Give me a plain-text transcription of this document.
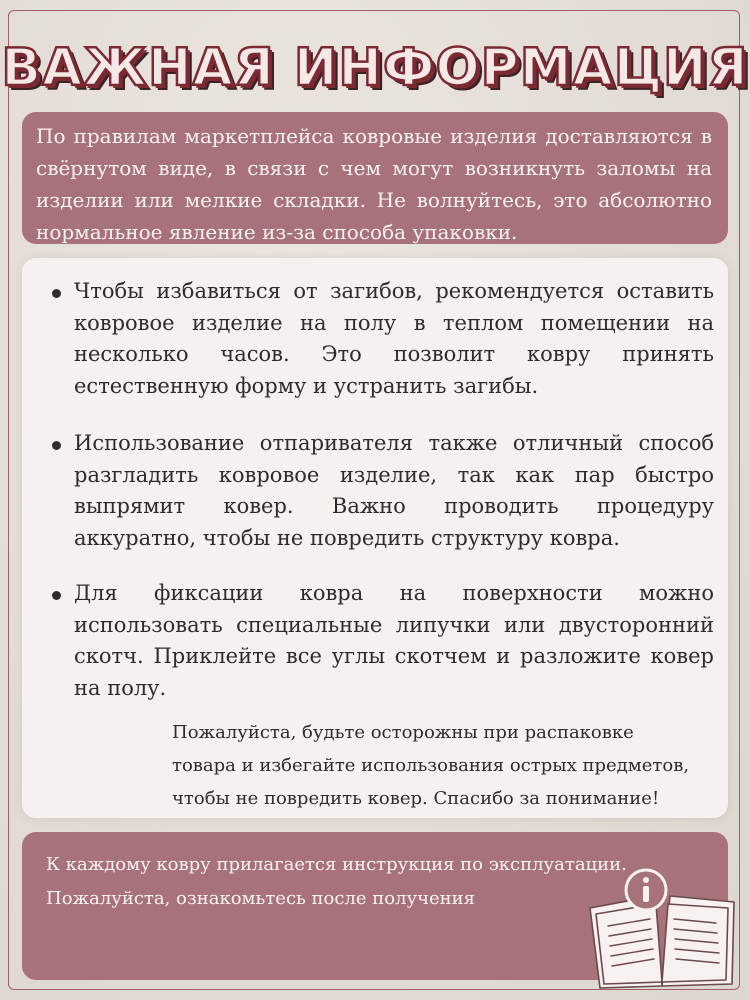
ВАЖНАЯ ИНФОРМАЦИЯ
По правилам маркетплейса ковровые изделия доставляются в свёрнутом виде, в связи с чем могут возникнуть заломы на изделии или мелкие складки. Не волнуйтесь, это абсолютно нормальное явление из-за способа упаковки.
Чтобы избавиться от загибов, рекомендуется оставить ковровое изделие на полу в теплом помещении на несколько часов. Это позволит ковру принять естественную форму и устранить загибы.
Использование отпаривателя также отличный способ разгладить ковровое изделие, так как пар быстро выпрямит ковер. Важно проводить процедуру аккуратно, чтобы не повредить структуру ковра.
Для фиксации ковра на поверхности можно использовать специальные липучки или двусторонний скотч. Приклейте все углы скотчем и разложите ковер на полу.
Пожалуйста, будьте осторожны при распаковке товара и избегайте использования острых предметов, чтобы не повредить ковер. Спасибо за понимание!
К каждому ковру прилагается инструкция по эксплуатации.
Пожалуйста, ознакомьтесь после получения
